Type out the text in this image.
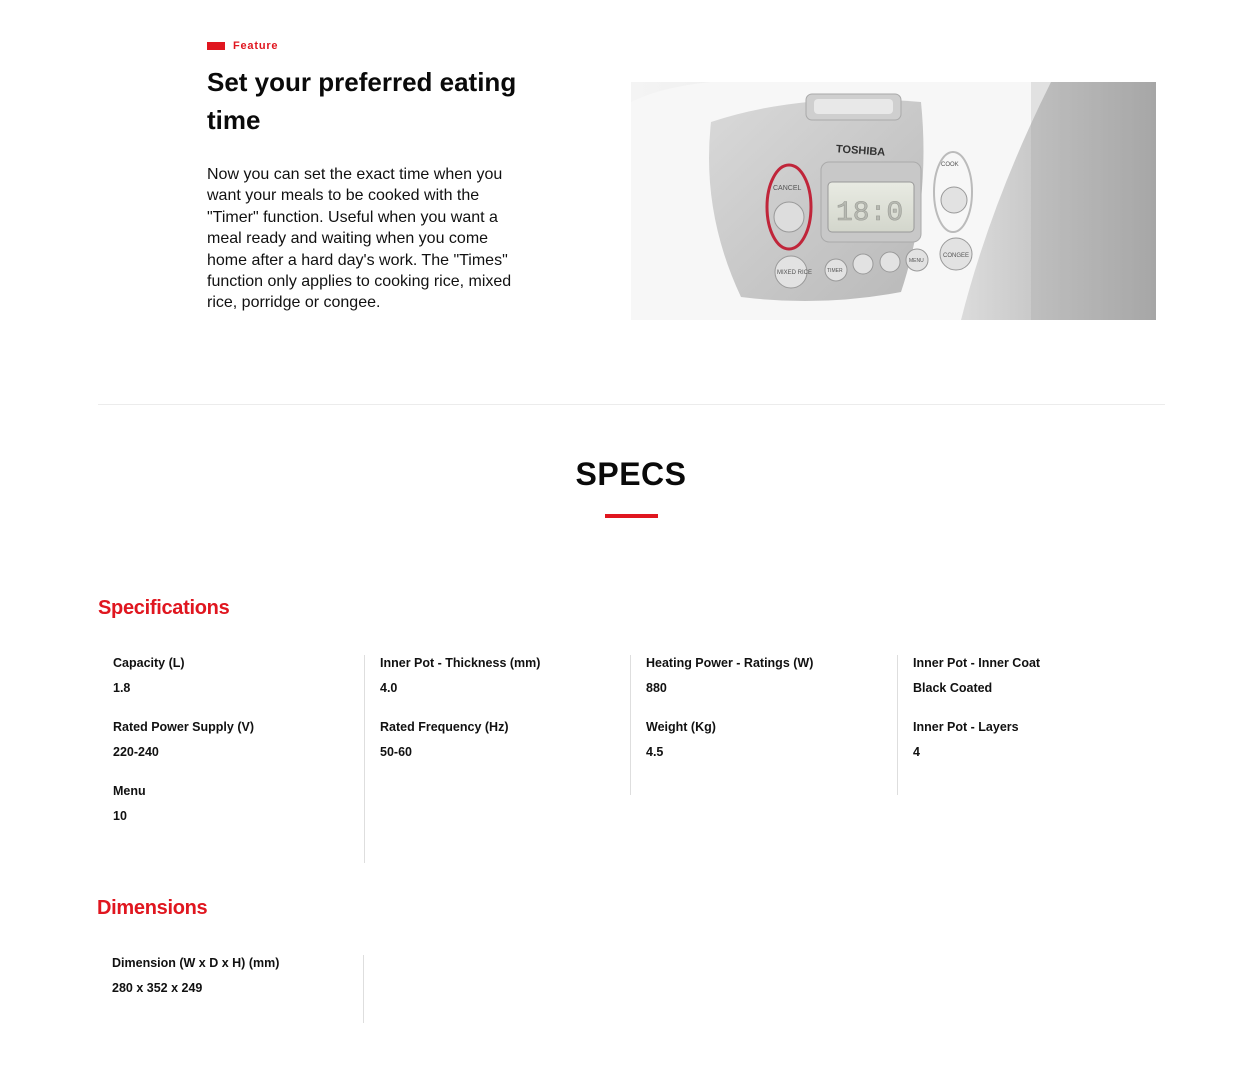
Feature
Set your preferred eating time

Now you can set the exact time when you want your meals to be cooked with the "Timer" function. Useful when you want a meal ready and waiting when you come home after a hard day's work. The "Times" function only applies to cooking rice, mixed rice, porridge or congee.

TOSHIBA
18:0
CANCEL
MIXED RICE	TIMER
MENU
COOK
CONGEE
SPECS
Specifications
Capacity (L)
1.8
Rated Power Supply (V)
220-240
Menu
10
Inner Pot - Thickness (mm)
4.0
Rated Frequency (Hz)
50-60
Heating Power - Ratings (W)
880
Weight (Kg)
4.5
Inner Pot - Inner Coat
Black Coated
Inner Pot - Layers
4
Dimensions
Dimension (W x D x H) (mm)
280 x 352 x 249
